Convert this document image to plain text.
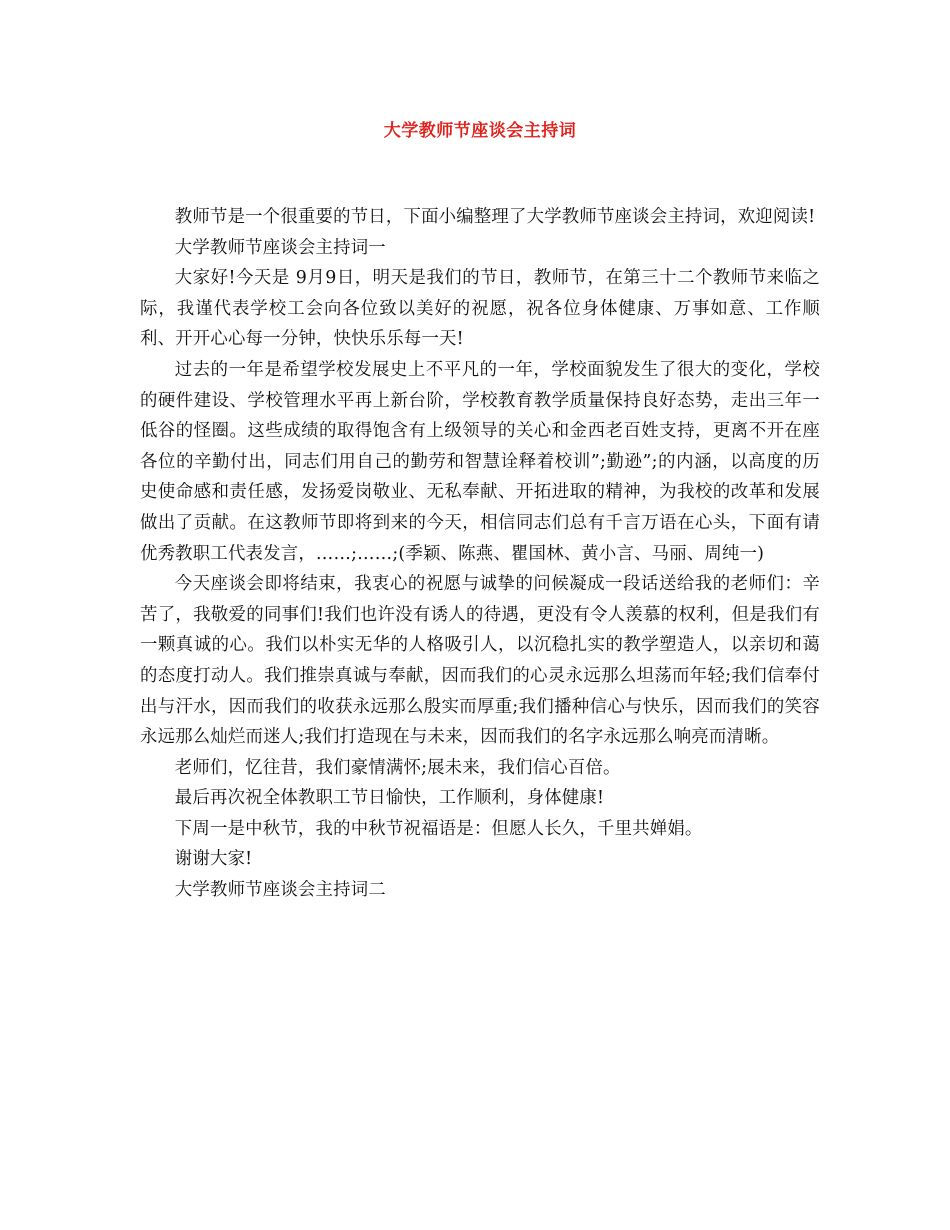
大学教师节座谈会主持词

教师节是一个很重要的节日，下面小编整理了大学教师节座谈会主持词，欢迎阅读!

大学教师节座谈会主持词一

大家好!今天是 9月9日，明天是我们的节日，教师节，在第三十二个教师节来临之际，我谨代表学校工会向各位致以美好的祝愿，祝各位身体健康、万事如意、工作顺利、开开心心每一分钟，快快乐乐每一天!

过去的一年是希望学校发展史上不平凡的一年，学校面貌发生了很大的变化，学校的硬件建设、学校管理水平再上新台阶，学校教育教学质量保持良好态势，走出三年一低谷的怪圈。这些成绩的取得饱含有上级领导的关心和金西老百姓支持，更离不开在座各位的辛勤付出，同志们用自己的勤劳和智慧诠释着校训”;勤逊”;的内涵，以高度的历史使命感和责任感，发扬爱岗敬业、无私奉献、开拓进取的精神，为我校的改革和发展做出了贡献。在这教师节即将到来的今天，相信同志们总有千言万语在心头，下面有请优秀教职工代表发言，……;……;(季颖、陈燕、瞿国林、黄小言、马丽、周纯一)

今天座谈会即将结束，我衷心的祝愿与诚挚的问候凝成一段话送给我的老师们：辛苦了，我敬爱的同事们!我们也许没有诱人的待遇，更没有令人羡慕的权利，但是我们有一颗真诚的心。我们以朴实无华的人格吸引人，以沉稳扎实的教学塑造人，以亲切和蔼的态度打动人。我们推崇真诚与奉献，因而我们的心灵永远那么坦荡而年轻;我们信奉付出与汗水，因而我们的收获永远那么殷实而厚重;我们播种信心与快乐，因而我们的笑容永远那么灿烂而迷人;我们打造现在与未来，因而我们的名字永远那么响亮而清晰。

老师们，忆往昔，我们豪情满怀;展未来，我们信心百倍。

最后再次祝全体教职工节日愉快，工作顺利，身体健康!

下周一是中秋节，我的中秋节祝福语是：但愿人长久，千里共婵娟。

谢谢大家!

大学教师节座谈会主持词二
